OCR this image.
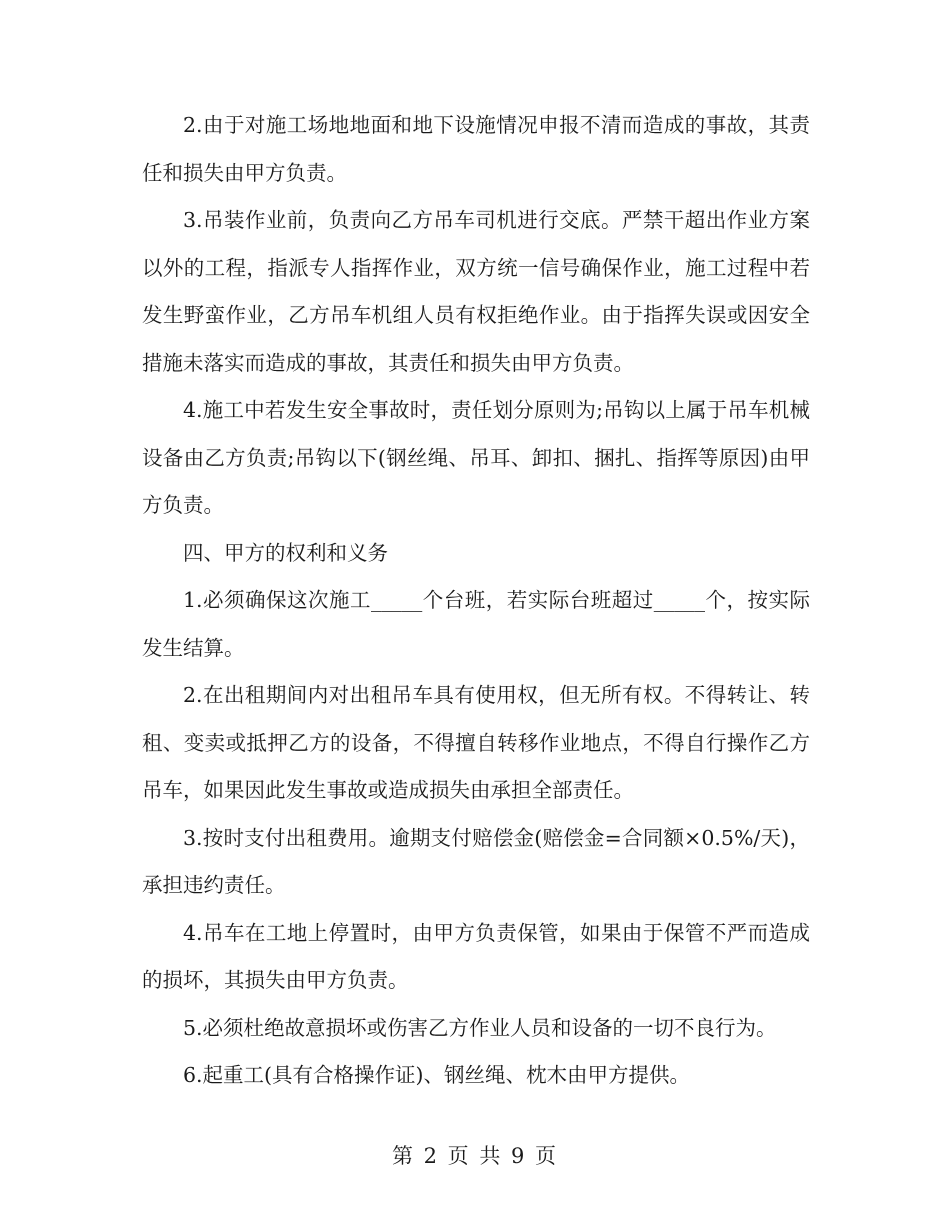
2.由于对施工场地地面和地下设施情况申报不清而造成的事故，其责任和损失由甲方负责。

3.吊装作业前，负责向乙方吊车司机进行交底。严禁干超出作业方案以外的工程，指派专人指挥作业，双方统一信号确保作业，施工过程中若发生野蛮作业，乙方吊车机组人员有权拒绝作业。由于指挥失误或因安全措施未落实而造成的事故，其责任和损失由甲方负责。

4.施工中若发生安全事故时，责任划分原则为;吊钩以上属于吊车机械设备由乙方负责;吊钩以下(钢丝绳、吊耳、卸扣、捆扎、指挥等原因)由甲方负责。

四、甲方的权利和义务

1.必须确保这次施工_____个台班，若实际台班超过_____个，按实际发生结算。

2.在出租期间内对出租吊车具有使用权，但无所有权。不得转让、转租、变卖或抵押乙方的设备，不得擅自转移作业地点，不得自行操作乙方吊车，如果因此发生事故或造成损失由承担全部责任。

3.按时支付出租费用。逾期支付赔偿金(赔偿金=合同额×0.5%/天)，承担违约责任。

4.吊车在工地上停置时，由甲方负责保管，如果由于保管不严而造成的损坏，其损失由甲方负责。

5.必须杜绝故意损坏或伤害乙方作业人员和设备的一切不良行为。

6.起重工(具有合格操作证)、钢丝绳、枕木由甲方提供。

第 2 页 共 9 页
